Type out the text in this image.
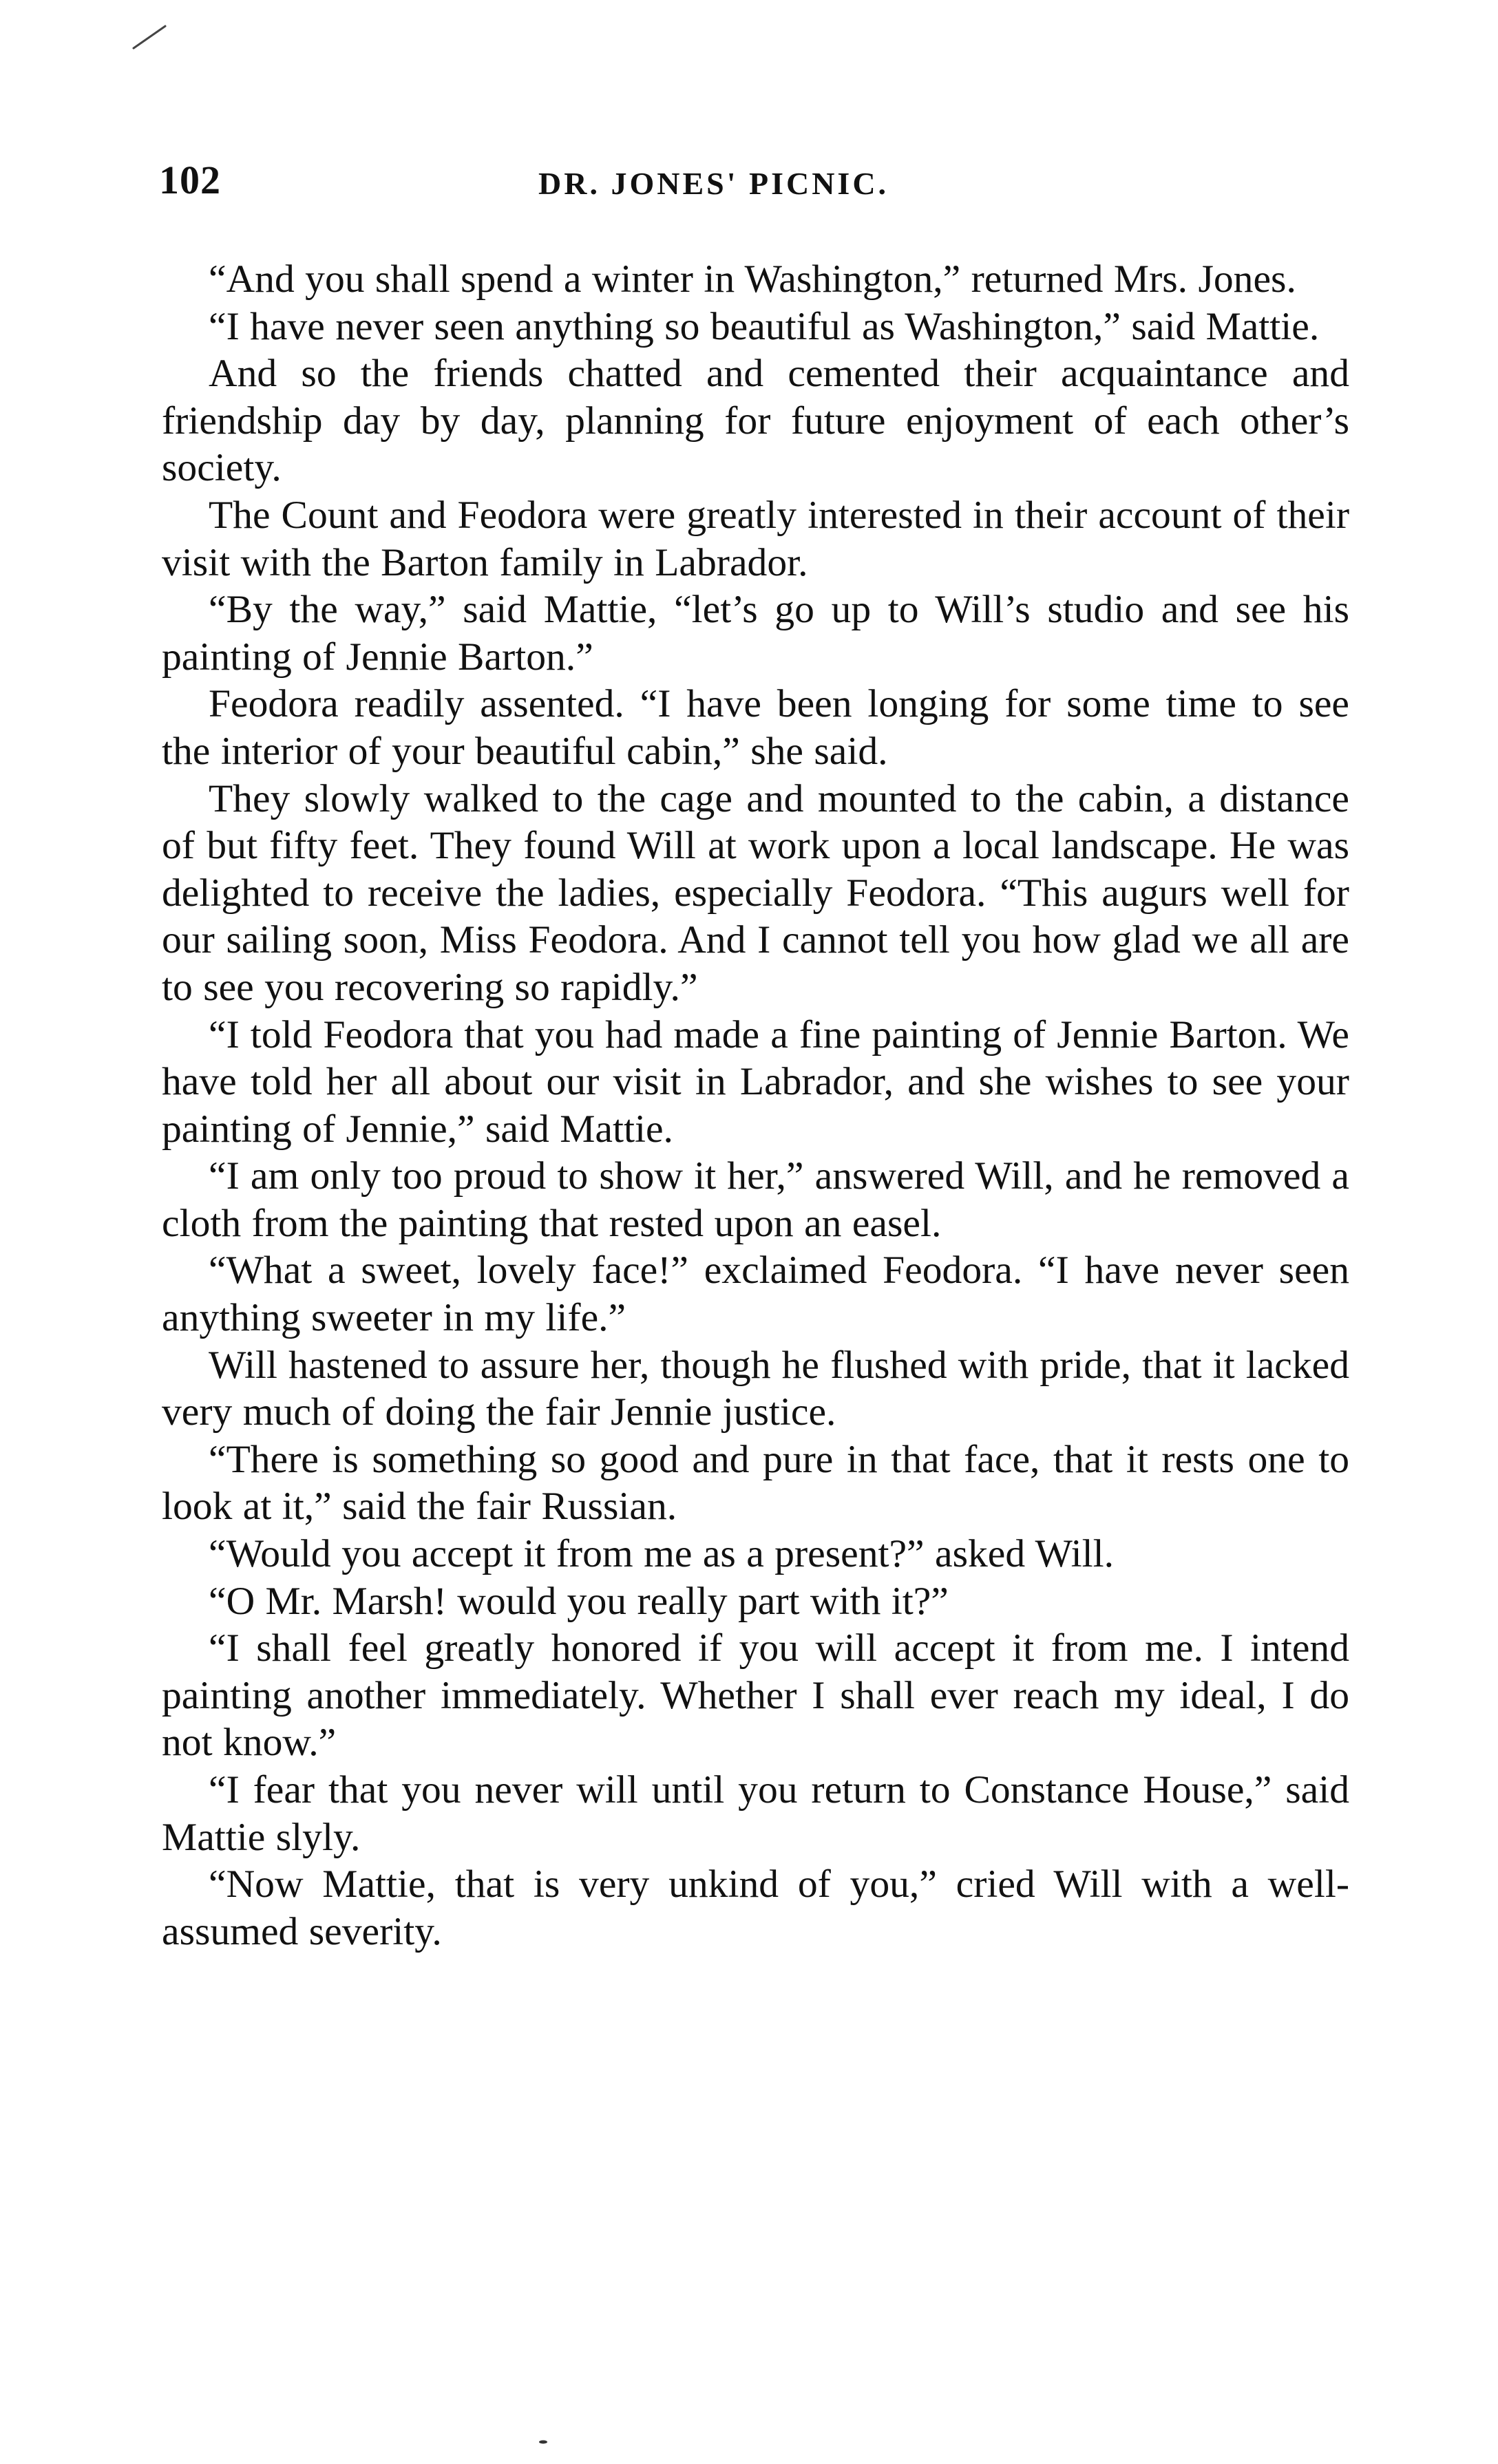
102	DR. JONES' PICNIC.

“And you shall spend a winter in Washington,” returned Mrs. Jones.

“I have never seen anything so beautiful as Washington,” said Mattie.

And so the friends chatted and cemented their acquaintance and friendship day by day, planning for future enjoyment of each other’s society.

The Count and Feodora were greatly interested in their account of their visit with the Barton family in Labrador.

“By the way,” said Mattie, “let’s go up to Will’s studio and see his painting of Jennie Barton.”

Feodora readily assented. “I have been longing for some time to see the interior of your beautiful cabin,” she said.

They slowly walked to the cage and mounted to the cabin, a distance of but fifty feet. They found Will at work upon a local landscape. He was delighted to receive the ladies, especially Feodora. “This augurs well for our sailing soon, Miss Feodora. And I cannot tell you how glad we all are to see you recovering so rapidly.”

“I told Feodora that you had made a fine painting of Jennie Barton. We have told her all about our visit in Labrador, and she wishes to see your painting of Jennie,” said Mattie.

“I am only too proud to show it her,” answered Will, and he removed a cloth from the painting that rested upon an easel.

“What a sweet, lovely face!” exclaimed Feodora. “I have never seen anything sweeter in my life.”

Will hastened to assure her, though he flushed with pride, that it lacked very much of doing the fair Jennie justice.

“There is something so good and pure in that face, that it rests one to look at it,” said the fair Russian.

“Would you accept it from me as a present?” asked Will.

“O Mr. Marsh! would you really part with it?”

“I shall feel greatly honored if you will accept it from me. I intend painting another immediately. Whether I shall ever reach my ideal, I do not know.”

“I fear that you never will until you return to Constance House,” said Mattie slyly.

“Now Mattie, that is very unkind of you,” cried Will with a well-assumed severity.
